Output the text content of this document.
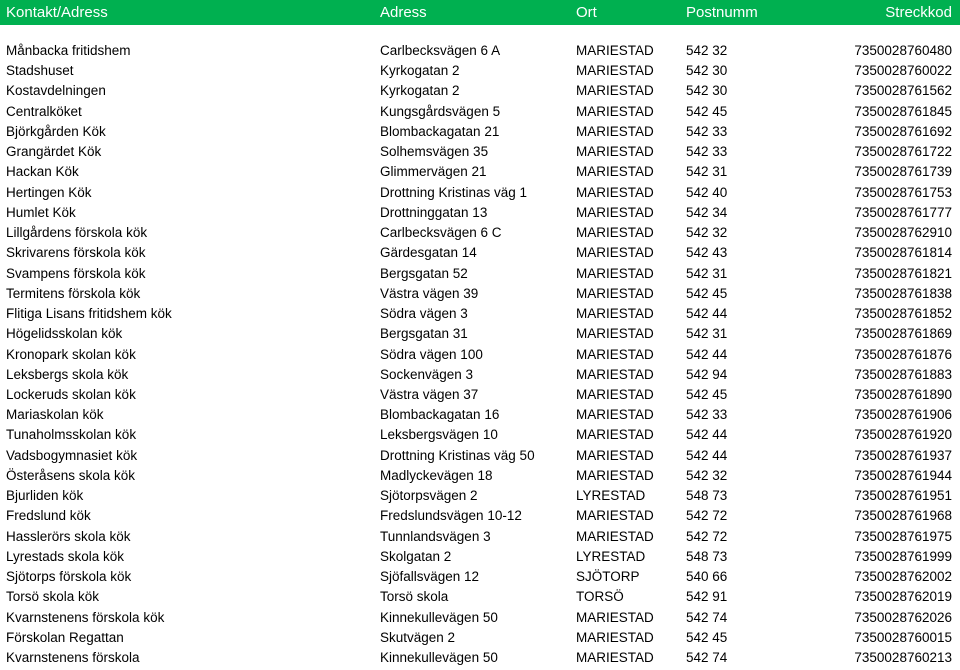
Kontakt/Adress	Adress	Ort	Postnumm	Streckkod
Månbacka fritidshem	Carlbecksvägen 6 A	MARIESTAD 542 32	7350028760480
Stadshuset	Kyrkogatan 2	MARIESTAD 542 30	7350028760022
Kostavdelningen	Kyrkogatan 2	MARIESTAD 542 30	7350028761562
Centralköket	Kungsgårdsvägen 5	MARIESTAD 542 45	7350028761845
Björkgården Kök	Blombackagatan 21	MARIESTAD 542 33	7350028761692
Grangärdet Kök	Solhemsvägen 35	MARIESTAD 542 33	7350028761722
Hackan Kök	Glimmervägen 21	MARIESTAD 542 31	7350028761739
Hertingen Kök	Drottning Kristinas väg 1	MARIESTAD 542 40	7350028761753
Humlet Kök	Drottninggatan 13	MARIESTAD 542 34	7350028761777
Lillgårdens förskola kök	Carlbecksvägen 6 C	MARIESTAD 542 32	7350028762910
Skrivarens förskola kök	Gärdesgatan 14	MARIESTAD 542 43	7350028761814
Svampens förskola kök	Bergsgatan 52	MARIESTAD 542 31	7350028761821
Termitens förskola kök	Västra vägen 39	MARIESTAD 542 45	7350028761838
Flitiga Lisans fritidshem kök	Södra vägen 3	MARIESTAD 542 44	7350028761852
Högelidsskolan kök	Bergsgatan 31	MARIESTAD 542 31	7350028761869
Kronopark skolan kök	Södra vägen 100	MARIESTAD 542 44	7350028761876
Leksbergs skola kök	Sockenvägen 3	MARIESTAD 542 94	7350028761883
Lockeruds skolan kök	Västra vägen 37	MARIESTAD 542 45	7350028761890
Mariaskolan kök	Blombackagatan 16	MARIESTAD 542 33	7350028761906
Tunaholmsskolan kök	Leksbergsvägen 10	MARIESTAD 542 44	7350028761920
Vadsbogymnasiet kök	Drottning Kristinas väg 50	MARIESTAD 542 44	7350028761937
Österåsens skola kök	Madlyckevägen 18	MARIESTAD 542 32	7350028761944
Bjurliden kök	Sjötorpsvägen 2	LYRESTAD	548 73	7350028761951
Fredslund kök	Fredslundsvägen 10-12	MARIESTAD 542 72	7350028761968
Hasslerörs skola kök	Tunnlandsvägen 3	MARIESTAD 542 72	7350028761975
Lyrestads skola kök	Skolgatan 2	LYRESTAD	548 73	7350028761999
Sjötorps förskola kök	Sjöfallsvägen 12	SJÖTORP	540 66	7350028762002
Torsö skola kök	Torsö skola	TORSÖ	542 91	7350028762019
Kvarnstenens förskola kök	Kinnekullevägen 50	MARIESTAD 542 74	7350028762026
Förskolan Regattan	Skutvägen 2	MARIESTAD 542 45	7350028760015
Kvarnstenens förskola	Kinnekullevägen 50	MARIESTAD 542 74	7350028760213
